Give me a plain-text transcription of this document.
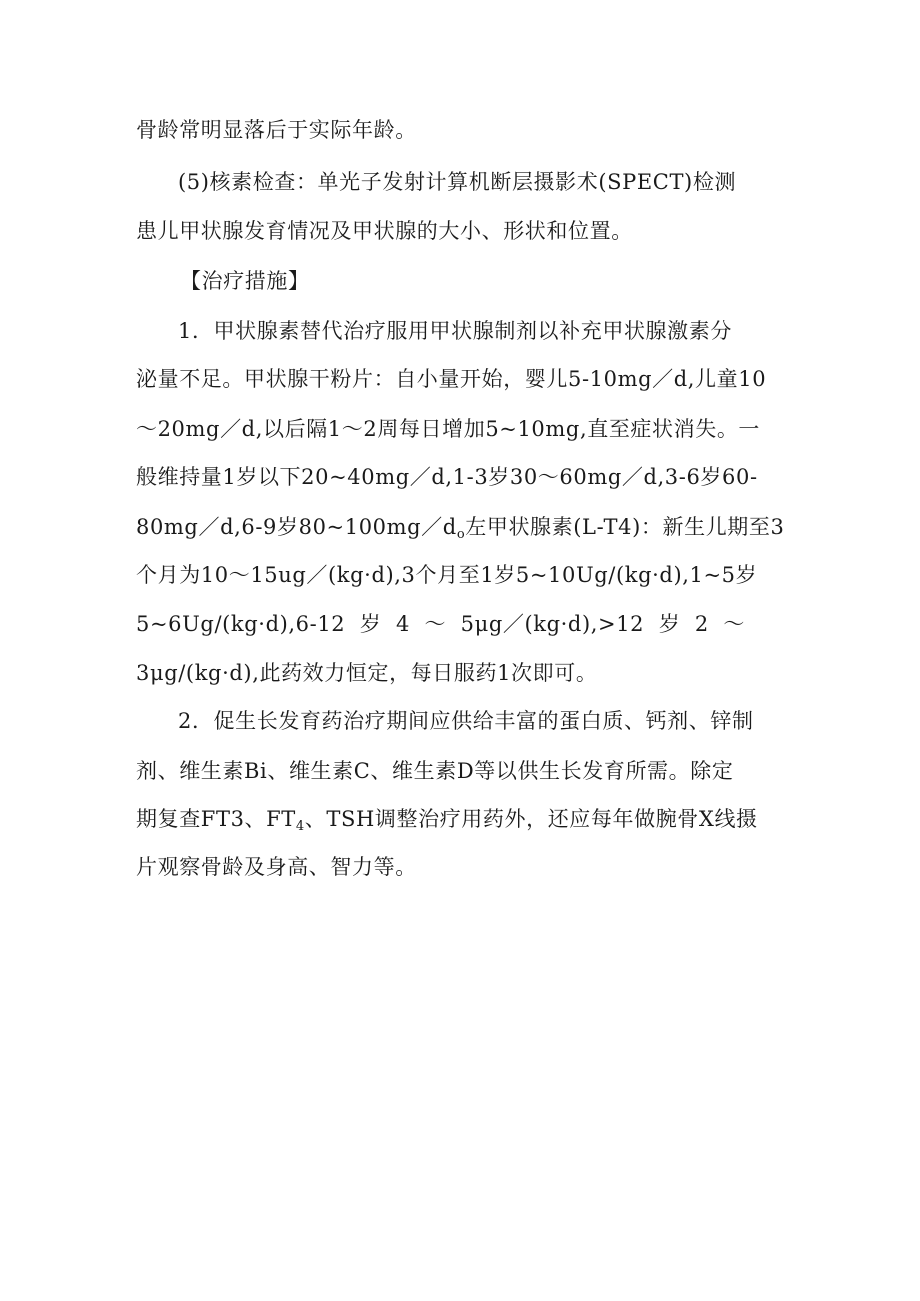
骨龄常明显落后于实际年龄。
(5)核素检查：单光子发射计算机断层摄影术(SPECT)检测
患儿甲状腺发育情况及甲状腺的大小、形状和位置。
【治疗措施】
1．甲状腺素替代治疗服用甲状腺制剂以补充甲状腺激素分
泌量不足。甲状腺干粉片：自小量开始，婴儿5-10mg／d,儿童10
～20mg／d,以后隔1～2周每日增加5~10mg,直至症状消失。一
般维持量1岁以下20~40mg／d,1-3岁30～60mg／d,3-6岁60-
80mg／d,6-9岁$80\sim 100mg/d_o$左甲状腺素(L-T4)：新生儿期至3
个月为10～15ug／(kg·d),3个月至1岁5~10Ug/(kg·d),1~5岁
5~6Ug/(kg·d),6-12  岁  4  ～  5μg／(kg·d),>12  岁  2  ～
3μg/(kg·d),此药效力恒定，每日服药1次即可。
2．促生长发育药治疗期间应供给丰富的蛋白质、钙剂、锌制
剂、维生素Bi、维生素C、维生素D等以供生长发育所需。除定
期复查FT3、$FT_4$、TSH调整治疗用药外，还应每年做腕骨X线摄
片观察骨龄及身高、智力等。
